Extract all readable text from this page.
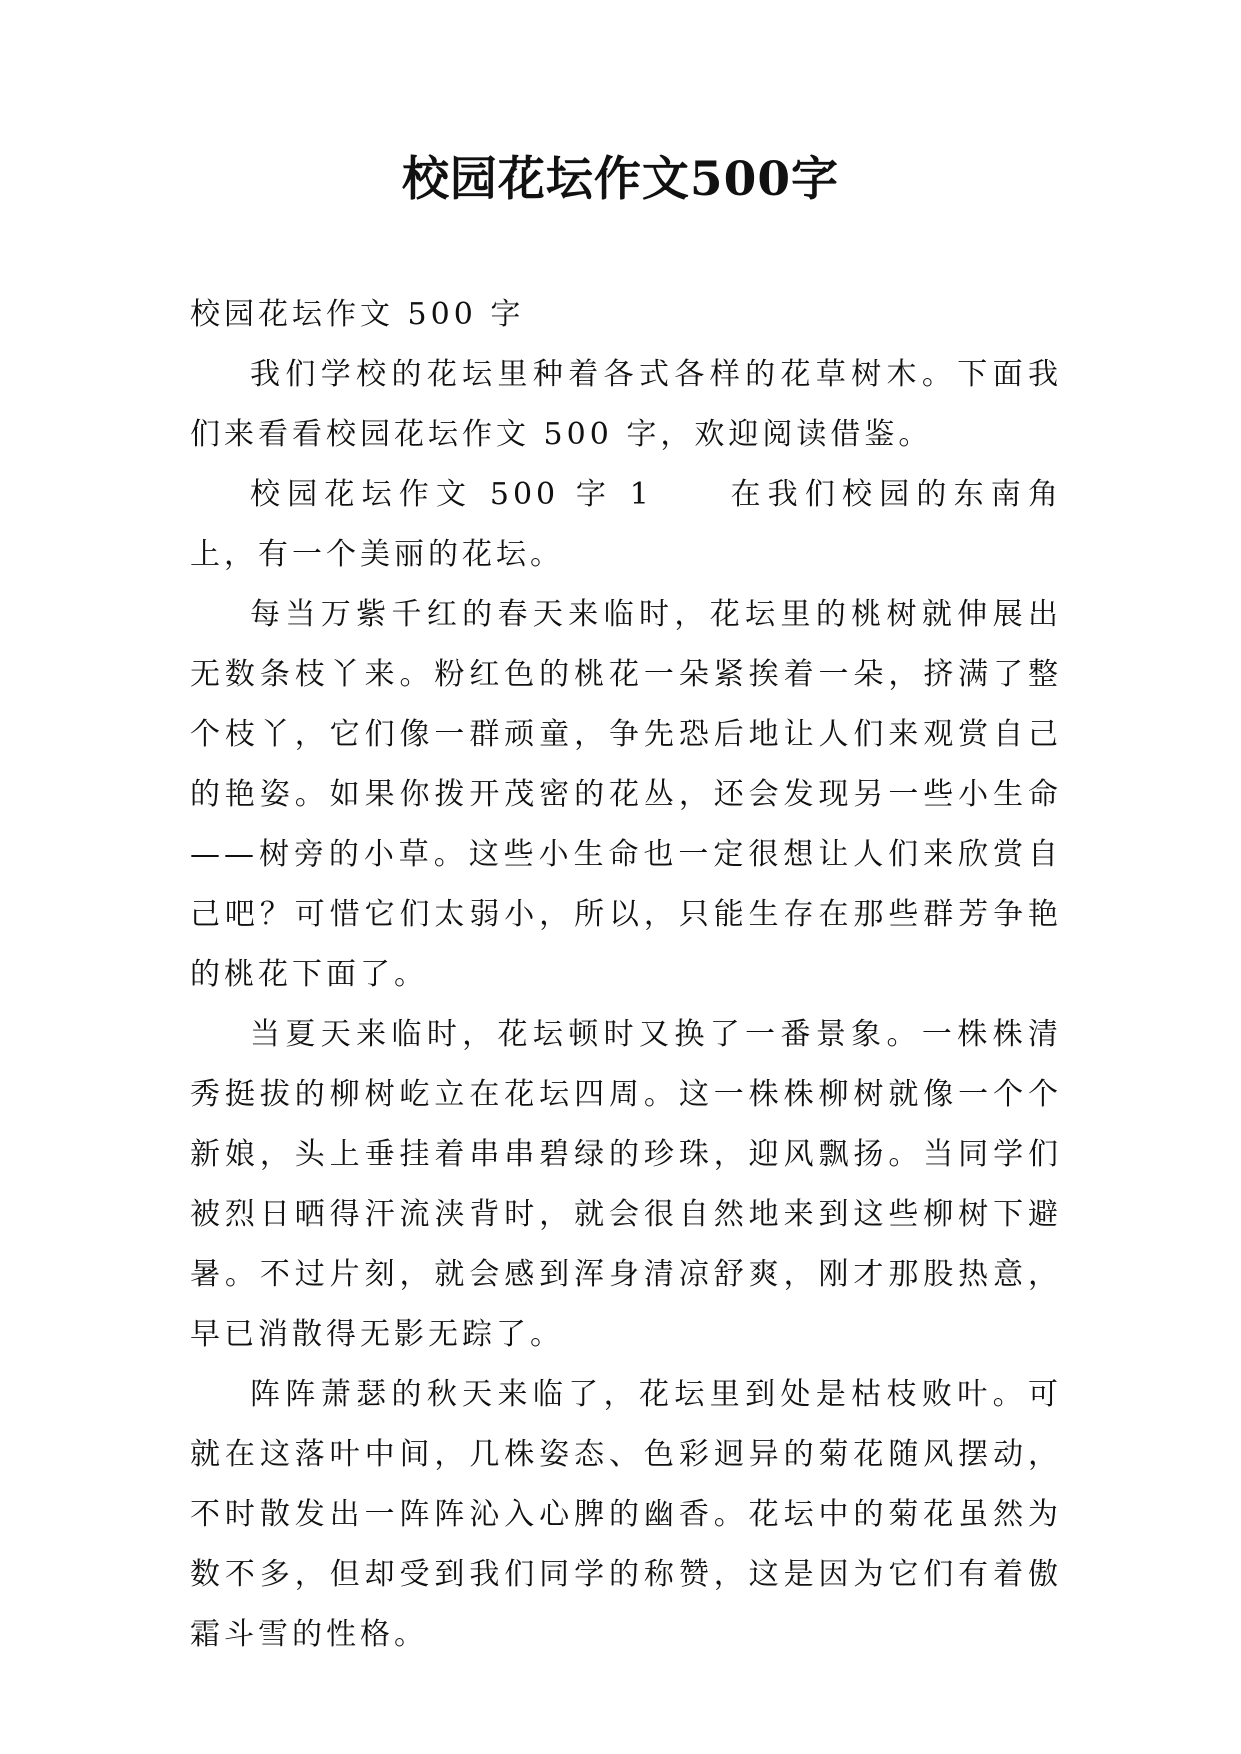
校园花坛作文500字

校园花坛作文 500 字

我们学校的花坛里种着各式各样的花草树木。下面我们来看看校园花坛作文 500 字，欢迎阅读借鉴。

校园花坛作文 500 字 1　　在我们校园的东南角上，有一个美丽的花坛。

每当万紫千红的春天来临时，花坛里的桃树就伸展出无数条枝丫来。粉红色的桃花一朵紧挨着一朵，挤满了整个枝丫，它们像一群顽童，争先恐后地让人们来观赏自己的艳姿。如果你拨开茂密的花丛，还会发现另一些小生命——树旁的小草。这些小生命也一定很想让人们来欣赏自己吧？可惜它们太弱小，所以，只能生存在那些群芳争艳的桃花下面了。

当夏天来临时，花坛顿时又换了一番景象。一株株清秀挺拔的柳树屹立在花坛四周。这一株株柳树就像一个个新娘，头上垂挂着串串碧绿的珍珠，迎风飘扬。当同学们被烈日晒得汗流浃背时，就会很自然地来到这些柳树下避暑。不过片刻，就会感到浑身清凉舒爽，刚才那股热意，早已消散得无影无踪了。

阵阵萧瑟的秋天来临了，花坛里到处是枯枝败叶。可就在这落叶中间，几株姿态、色彩迥异的菊花随风摆动，不时散发出一阵阵沁入心脾的幽香。花坛中的菊花虽然为数不多，但却受到我们同学的称赞，这是因为它们有着傲霜斗雪的性格。
